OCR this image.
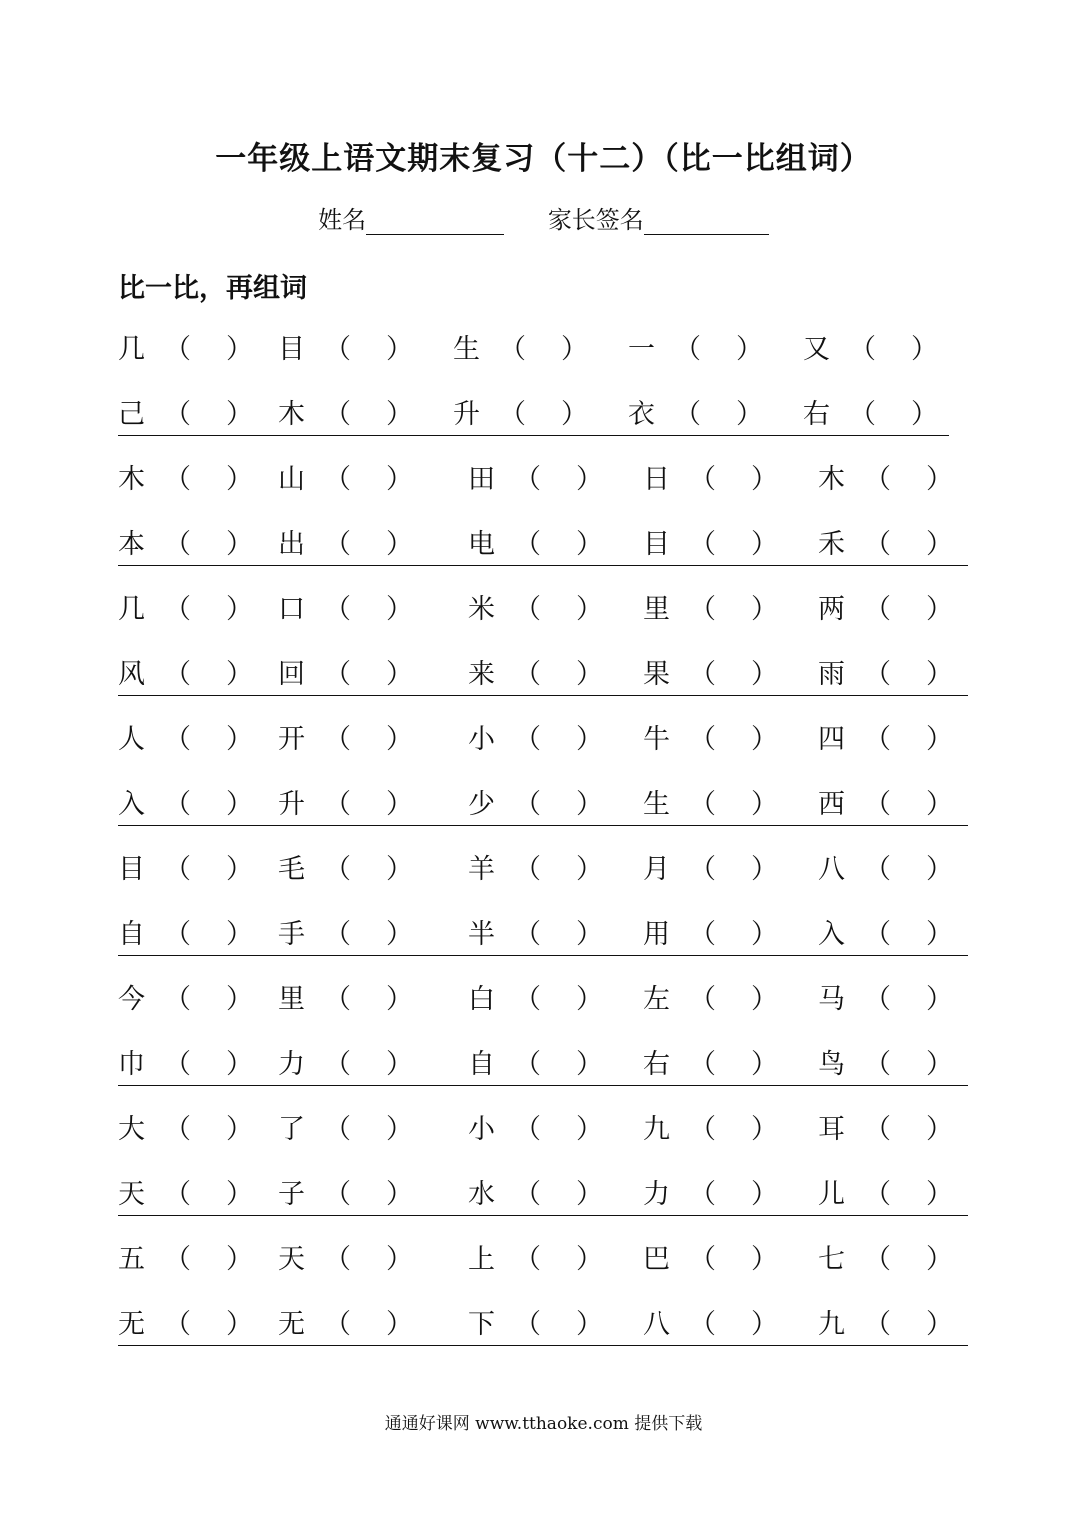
一年级上语文期末复习（十二）（比一比组词）
姓名	家长签名
比一比，再组词
几 （ ） 目 （ ） 生 （ ） 一 （ ） 又 （ ）
己 （ ） 木 （ ） 升 （ ） 衣 （ ） 右 （ ）
木 （ ） 山 （ ） 田 （ ） 日 （ ） 木 （ ）
本 （ ） 出 （ ） 电 （ ） 目 （ ） 禾 （ ）
几 （ ） 口 （ ） 米 （ ） 里 （ ） 两 （ ）
风 （ ） 回 （ ） 来 （ ） 果 （ ） 雨 （ ）
人 （ ） 开 （ ） 小 （ ） 牛 （ ） 四 （ ）
入 （ ） 升 （ ） 少 （ ） 生 （ ） 西 （ ）
目 （ ） 毛 （ ） 羊 （ ） 月 （ ） 八 （ ）
自 （ ） 手 （ ） 半 （ ） 用 （ ） 入 （ ）
今 （ ） 里 （ ） 白 （ ） 左 （ ） 马 （ ）
巾 （ ） 力 （ ） 自 （ ） 右 （ ） 鸟 （ ）
大 （ ） 了 （ ） 小 （ ） 九 （ ） 耳 （ ）
天 （ ） 子 （ ） 水 （ ） 力 （ ） 儿 （ ）
五 （ ） 天 （ ） 上 （ ） 巴 （ ） 七 （ ）
无 （ ） 无 （ ） 下 （ ） 八 （ ） 九 （ ）
通通好课网 www.tthaoke.com 提供下载
